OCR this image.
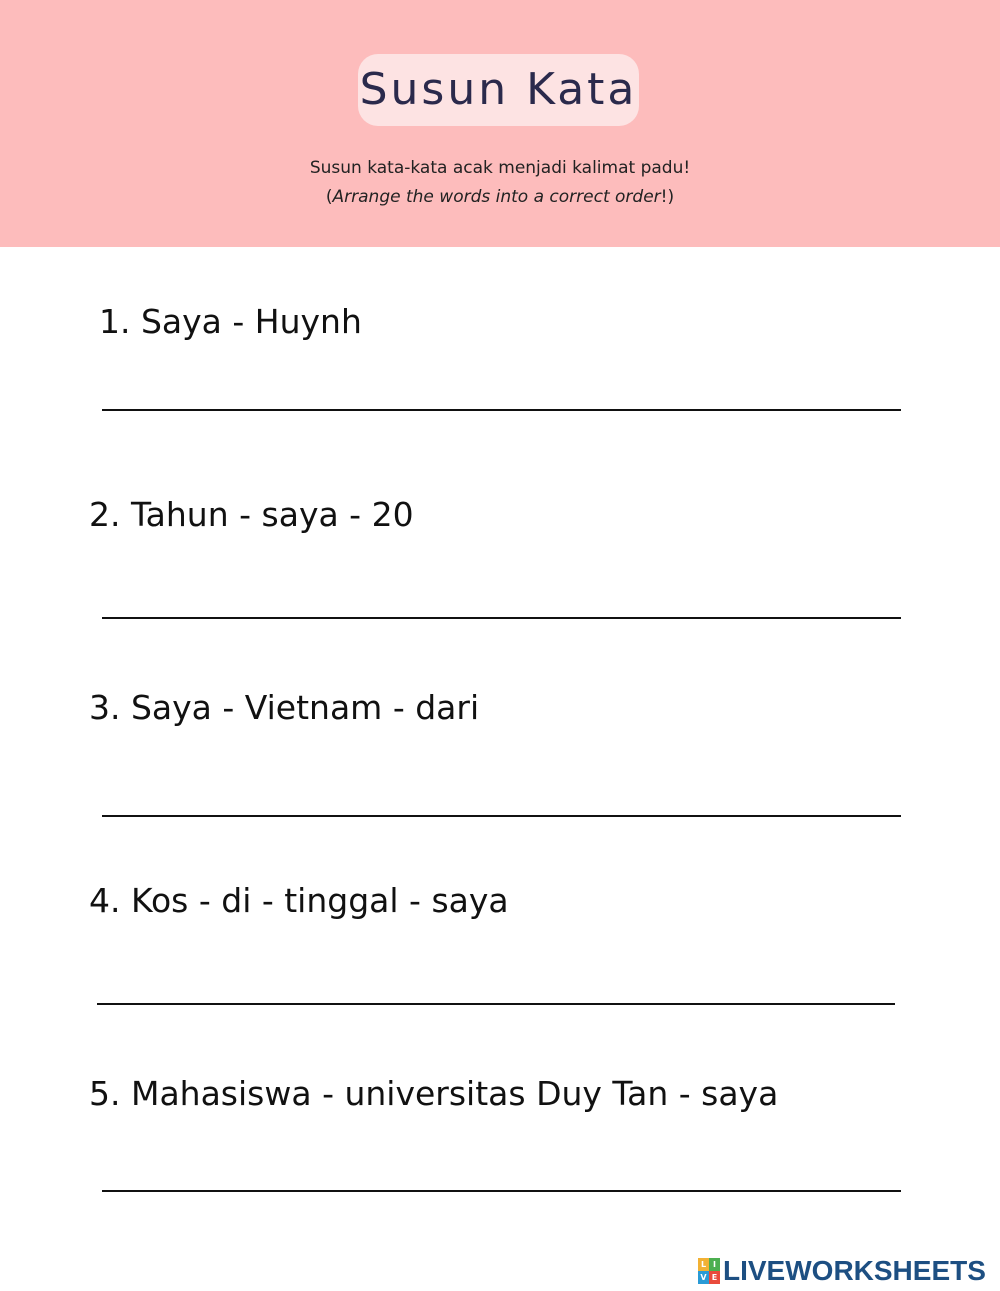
Susun Kata
Susun kata-kata acak menjadi kalimat padu!
(Arrange the words into a correct order!)
1. Saya - Huynh
2. Tahun - saya - 20
3. Saya - Vietnam - dari
4. Kos - di - tinggal - saya
5. Mahasiswa - universitas Duy Tan - saya
L I
V E LIVEWORKSHEETS
